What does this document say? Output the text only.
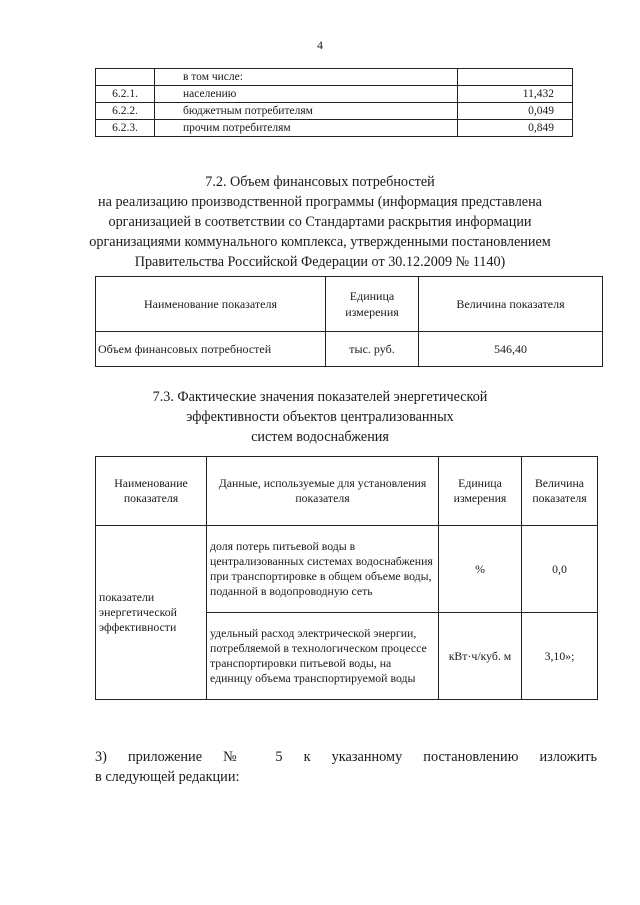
4
	в том числе:	
6.2.1.	населению	11,432
6.2.2.	бюджетным потребителям	0,049
6.2.3.	прочим потребителям	0,849
7.2. Объем финансовых потребностей
на реализацию производственной программы (информация представлена
организацией в соответствии со Стандартами раскрытия информации
организациями коммунального комплекса, утвержденными постановлением
Правительства Российской Федерации от 30.12.2009 № 1140)
Наименование показателя	Единица измерения	Величина показателя
Объем финансовых потребностей	тыс. руб.	546,40
7.3. Фактические значения показателей энергетической
эффективности объектов централизованных
систем водоснабжения
Наименование показателя	Данные, используемые для установления показателя	Единица измерения	Величина показателя
показатели энергетической эффективности	доля потерь питьевой воды в централизованных системах водоснабжения при транспортировке в общем объеме воды, поданной в водопроводную сеть	%	0,0
	удельный расход электрической энергии, потребляемой в технологическом процессе транспортировки питьевой воды, на единицу объема транспортируемой воды	кВт·ч/куб. м	3,10»;
3) приложение № 5 к указанному постановлению изложить
в следующей редакции:
